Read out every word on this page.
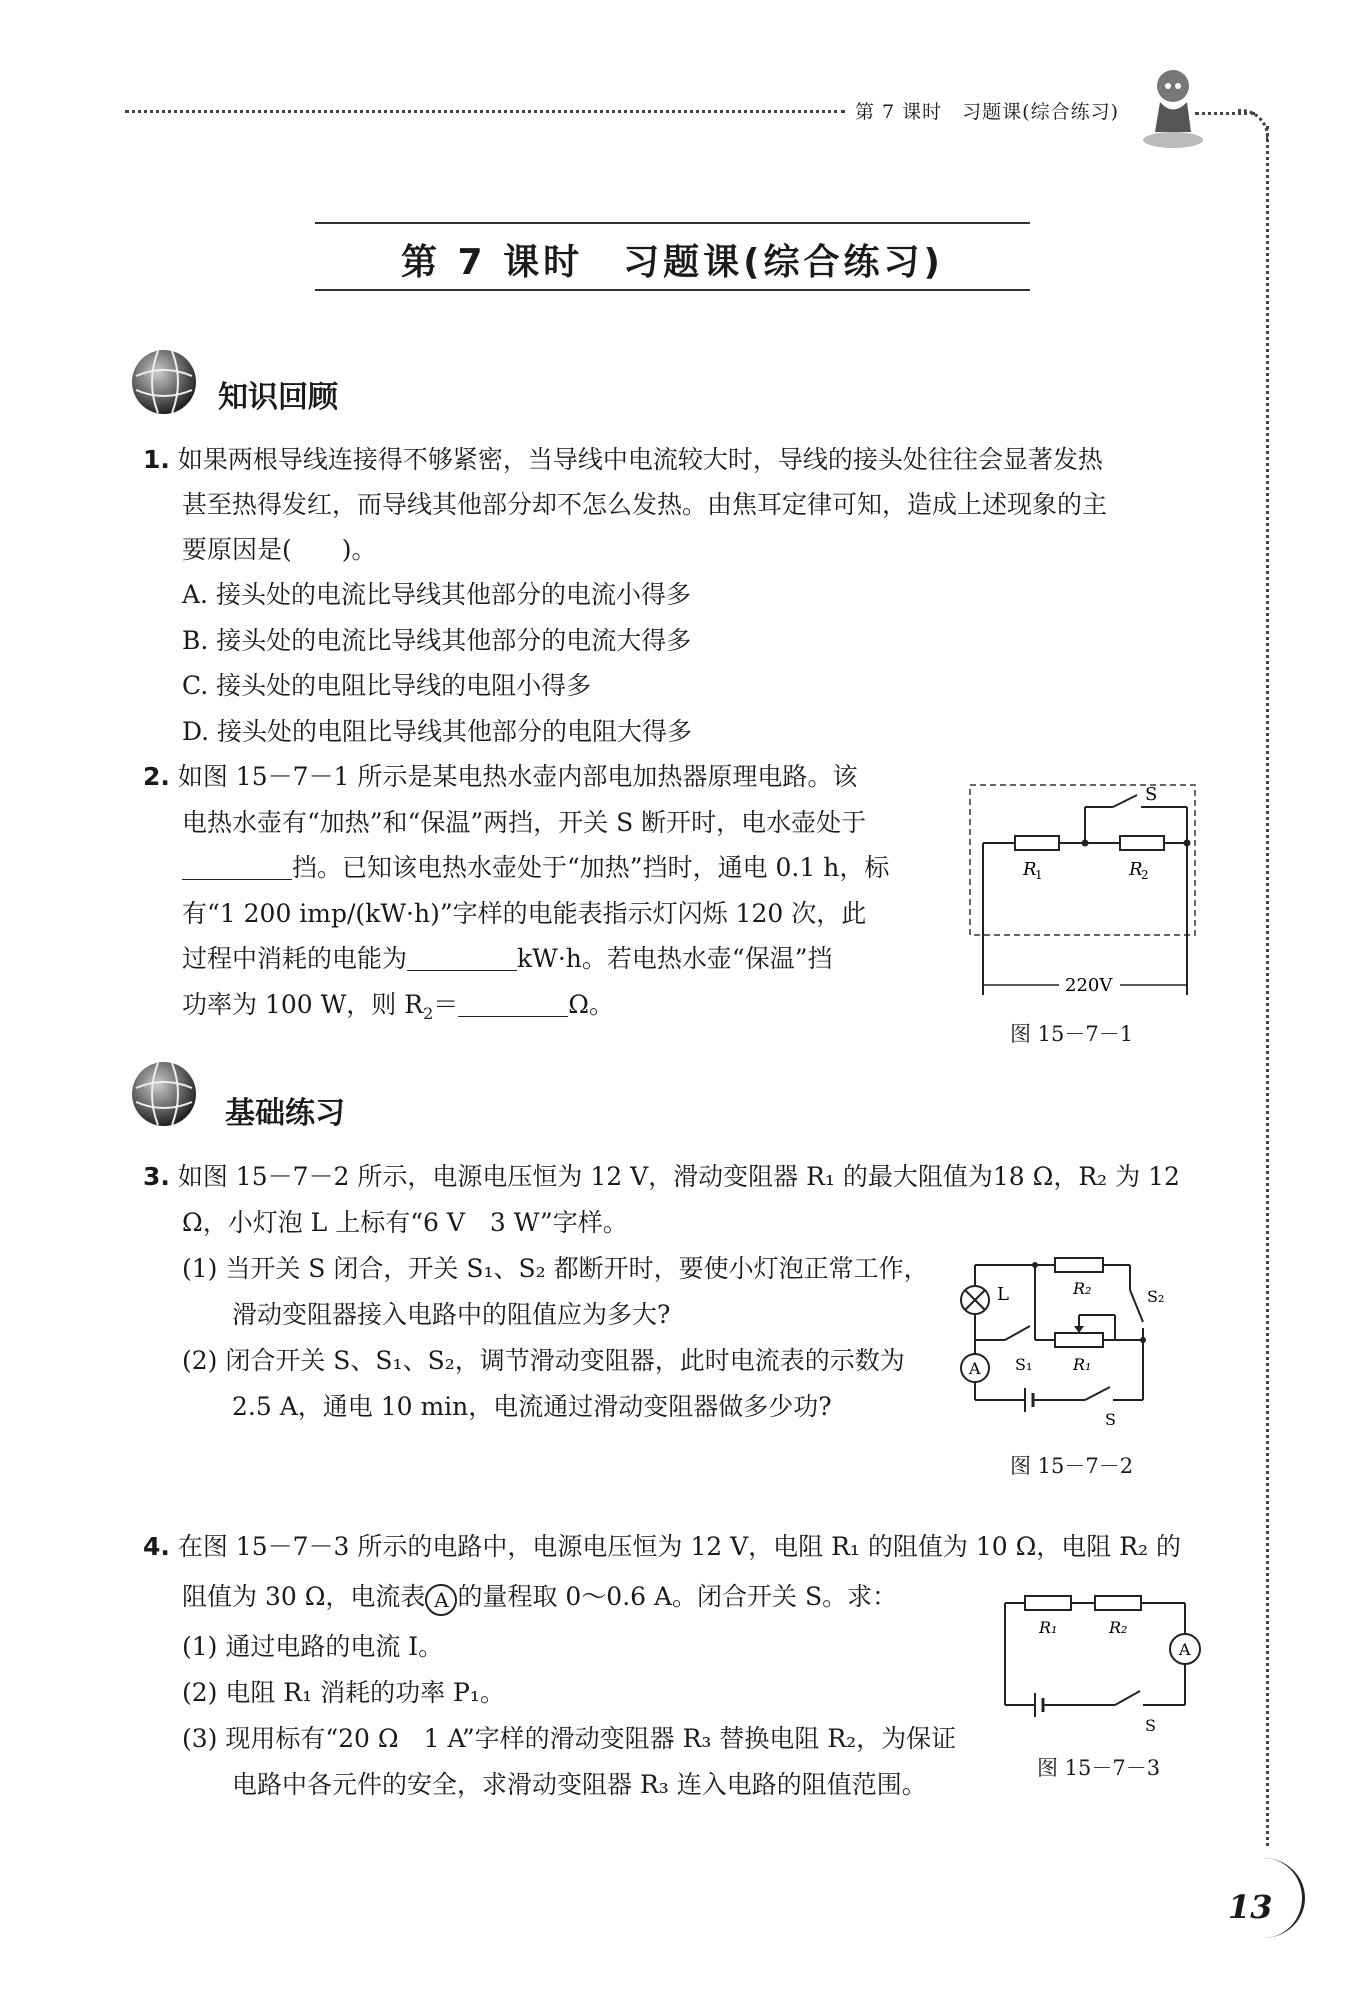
第 7 课时　习题课(综合练习)
第 7 课时　习题课(综合练习)
知识回顾
1. 如果两根导线连接得不够紧密，当导线中电流较大时，导线的接头处往往会显著发热
甚至热得发红，而导线其他部分却不怎么发热。由焦耳定律可知，造成上述现象的主
要原因是(　　)。
A. 接头处的电流比导线其他部分的电流小得多
B. 接头处的电流比导线其他部分的电流大得多
C. 接头处的电阻比导线的电阻小得多
D. 接头处的电阻比导线其他部分的电阻大得多
2. 如图 15－7－1 所示是某电热水壶内部电加热器原理电路。该
电热水壶有“加热”和“保温”两挡，开关 S 断开时，电水壶处于
挡。已知该电热水壶处于“加热”挡时，通电 0.1 h，标
有“1 200 imp/(kW·h)”字样的电能表指示灯闪烁 120 次，此
过程中消耗的电能为	kW·h。若电热水壶“保温”挡
功率为 100 W，则 $R_2=$	Ω。
S
R
1	R
2
220V
图 15－7－1
基础练习
3. 如图 15－7－2 所示，电源电压恒为 12 V，滑动变阻器 R₁ 的最大阻值为18 Ω，R₂ 为 12
Ω，小灯泡 L 上标有“6 V　3 W”字样。
(1) 当开关 S 闭合，开关 S₁、S₂ 都断开时，要使小灯泡正常工作，
滑动变阻器接入电路中的阻值应为多大?
(2) 闭合开关 S、S₁、S₂，调节滑动变阻器，此时电流表的示数为
2.5 A，通电 10 min，电流通过滑动变阻器做多少功?
L	R₂	S₂
S₁	R₁
A
S
图 15－7－2
4. 在图 15－7－3 所示的电路中，电源电压恒为 12 V，电阻 R₁ 的阻值为 10 Ω，电阻 R₂ 的
阻值为 30 Ω，电流表 A 的量程取 0～0.6 A。闭合开关 S。求：
(1) 通过电路的电流 I。
(2) 电阻 R₁ 消耗的功率 P₁。
(3) 现用标有“20 Ω　1 A”字样的滑动变阻器 R₃ 替换电阻 R₂，为保证
电路中各元件的安全，求滑动变阻器 R₃ 连入电路的阻值范围。
R₁	R₂
A
S
图 15－7－3
13
